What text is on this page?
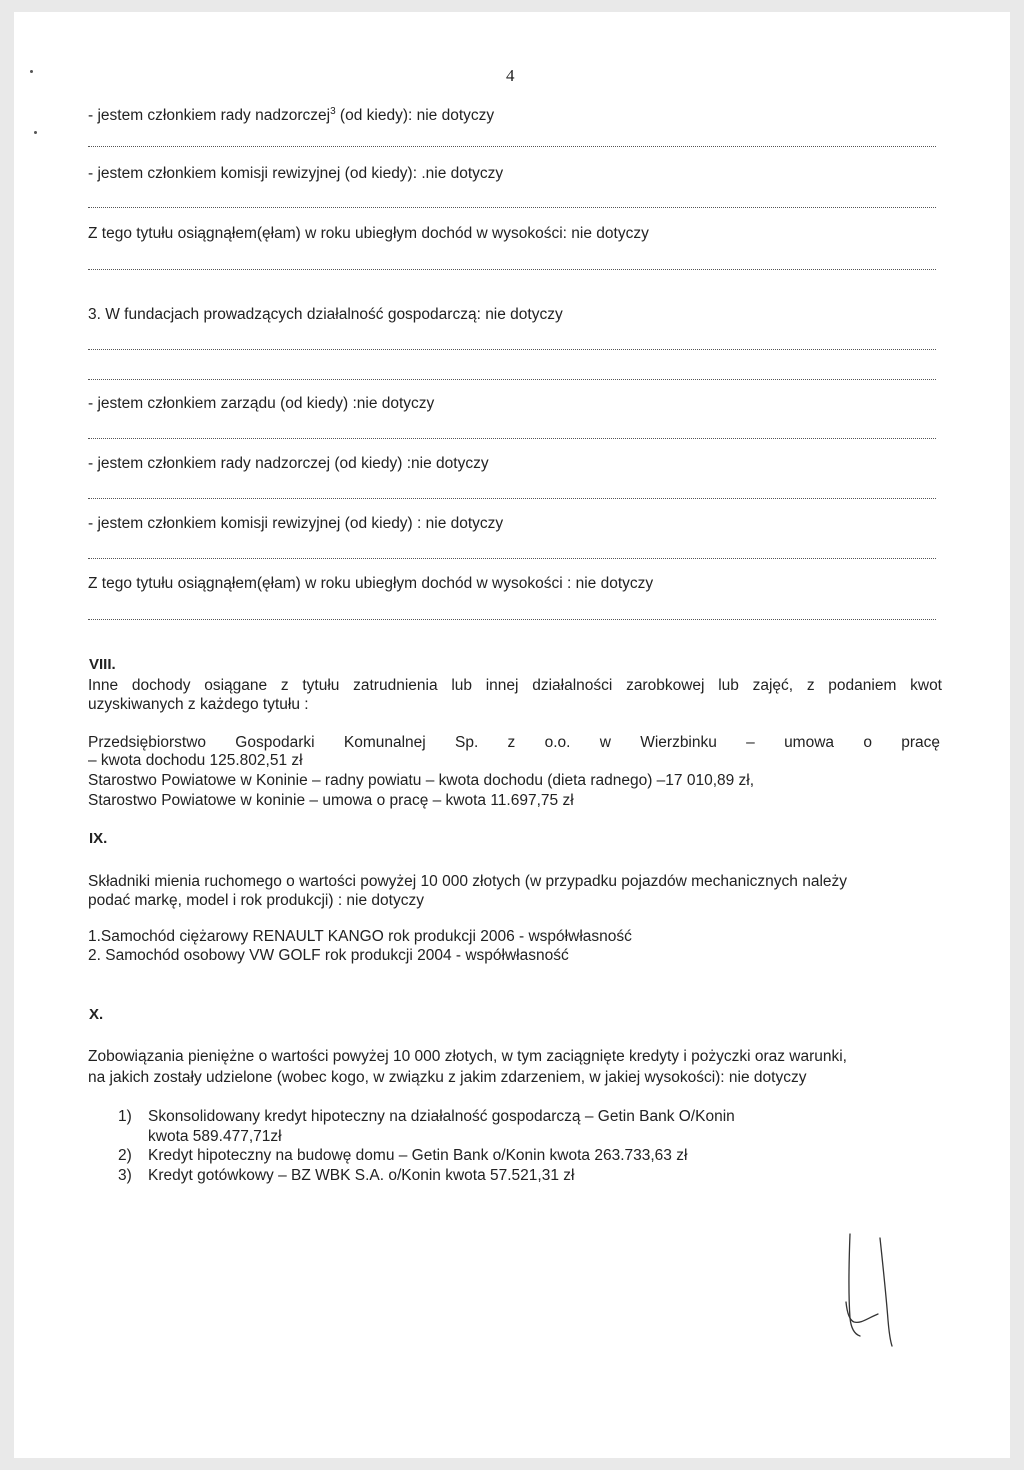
4
- jestem członkiem rady nadzorczej$^3$ (od kiedy): nie dotyczy
- jestem członkiem komisji rewizyjnej (od kiedy): .nie dotyczy
Z tego tytułu osiągnąłem(ęłam) w roku ubiegłym dochód w wysokości: nie dotyczy
3. W fundacjach prowadzących działalność gospodarczą: nie dotyczy
- jestem członkiem zarządu (od kiedy) :nie dotyczy
- jestem członkiem rady nadzorczej (od kiedy) :nie dotyczy
- jestem członkiem komisji rewizyjnej (od kiedy) : nie dotyczy
Z tego tytułu osiągnąłem(ęłam) w roku ubiegłym dochód w wysokości : nie dotyczy
VIII.
Inne dochody osiągane z tytułu zatrudnienia lub innej działalności zarobkowej lub zajęć, z podaniem kwot
uzyskiwanych z każdego tytułu :
Przedsiębiorstwo Gospodarki Komunalnej Sp. z o.o. w Wierzbinku – umowa o pracę
– kwota dochodu 125.802,51 zł
Starostwo Powiatowe w Koninie – radny powiatu – kwota dochodu (dieta radnego) –17 010,89 zł,
Starostwo Powiatowe w koninie – umowa o pracę – kwota 11.697,75 zł
IX.
Składniki mienia ruchomego o wartości powyżej 10 000 złotych (w przypadku pojazdów mechanicznych należy
podać markę, model i rok produkcji) : nie dotyczy
1.Samochód ciężarowy RENAULT KANGO rok produkcji 2006 - współwłasność
2. Samochód osobowy VW GOLF rok produkcji 2004 - współwłasność
X.
Zobowiązania pieniężne o wartości powyżej 10 000 złotych, w tym zaciągnięte kredyty i pożyczki oraz warunki,
na jakich zostały udzielone (wobec kogo, w związku z jakim zdarzeniem, w jakiej wysokości): nie dotyczy
1) Skonsolidowany kredyt hipoteczny na działalność gospodarczą – Getin Bank O/Konin
kwota 589.477,71zł
2) Kredyt hipoteczny na budowę domu – Getin Bank o/Konin kwota 263.733,63 zł
3) Kredyt gotówkowy – BZ WBK S.A. o/Konin kwota 57.521,31 zł
